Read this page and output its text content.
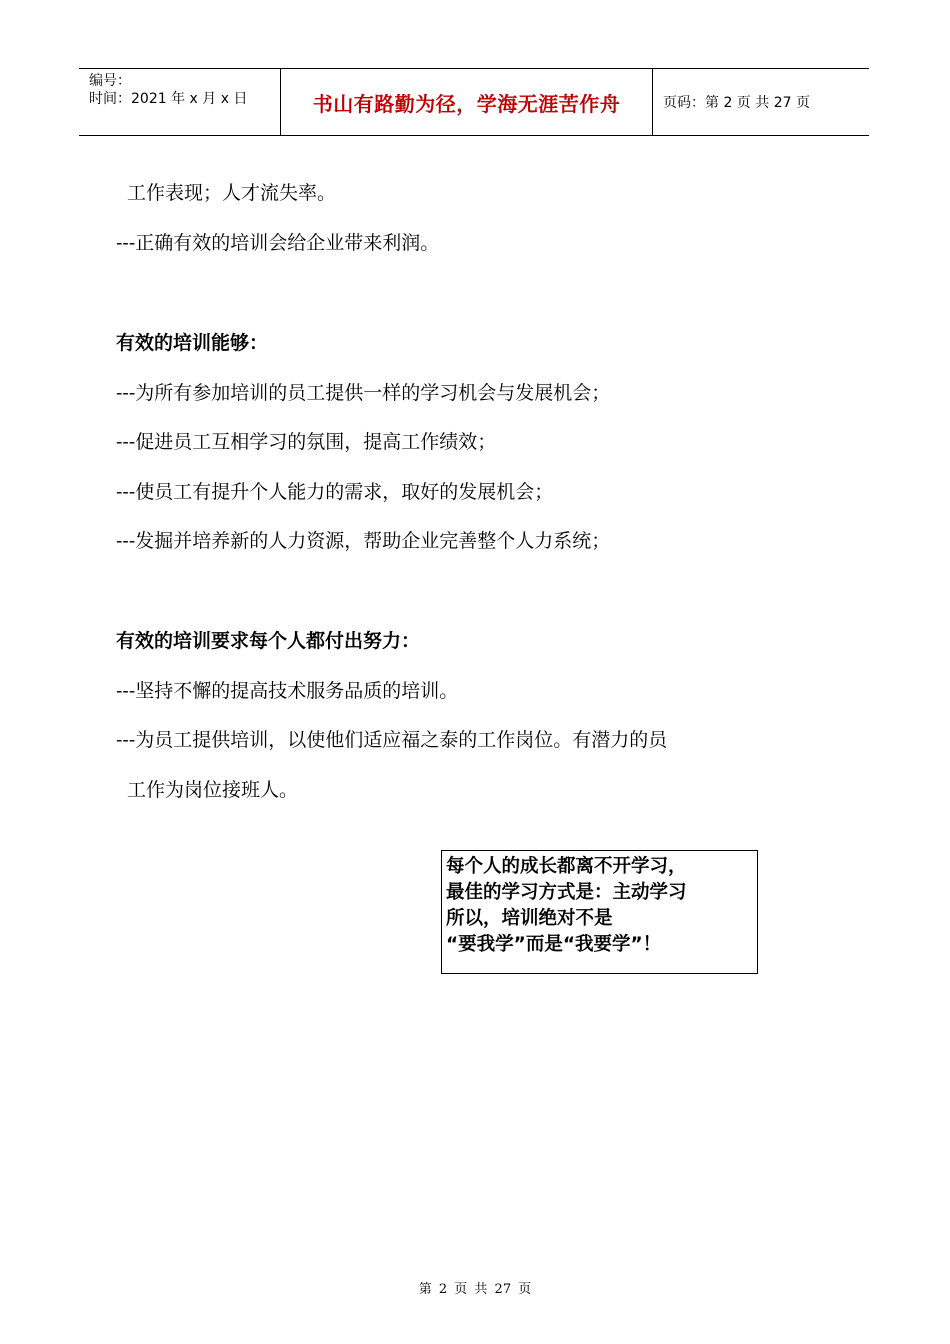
编号：
时间：2021 年 x 月 x 日	书山有路勤为径，学海无涯苦作舟	页码：第 2 页 共 27 页
工作表现；人才流失率。
---正确有效的培训会给企业带来利润。
有效的培训能够：
---为所有参加培训的员工提供一样的学习机会与发展机会；
---促进员工互相学习的氛围，提高工作绩效；
---使员工有提升个人能力的需求，取好的发展机会；
---发掘并培养新的人力资源，帮助企业完善整个人力系统；
有效的培训要求每个人都付出努力：
---坚持不懈的提高技术服务品质的培训。
---为员工提供培训，以使他们适应福之泰的工作岗位。有潜力的员
工作为岗位接班人。
每个人的成长都离不开学习，
最佳的学习方式是：主动学习
所以，培训绝对不是
“要我学”而是“我要学”！
第 2 页 共 27 页
